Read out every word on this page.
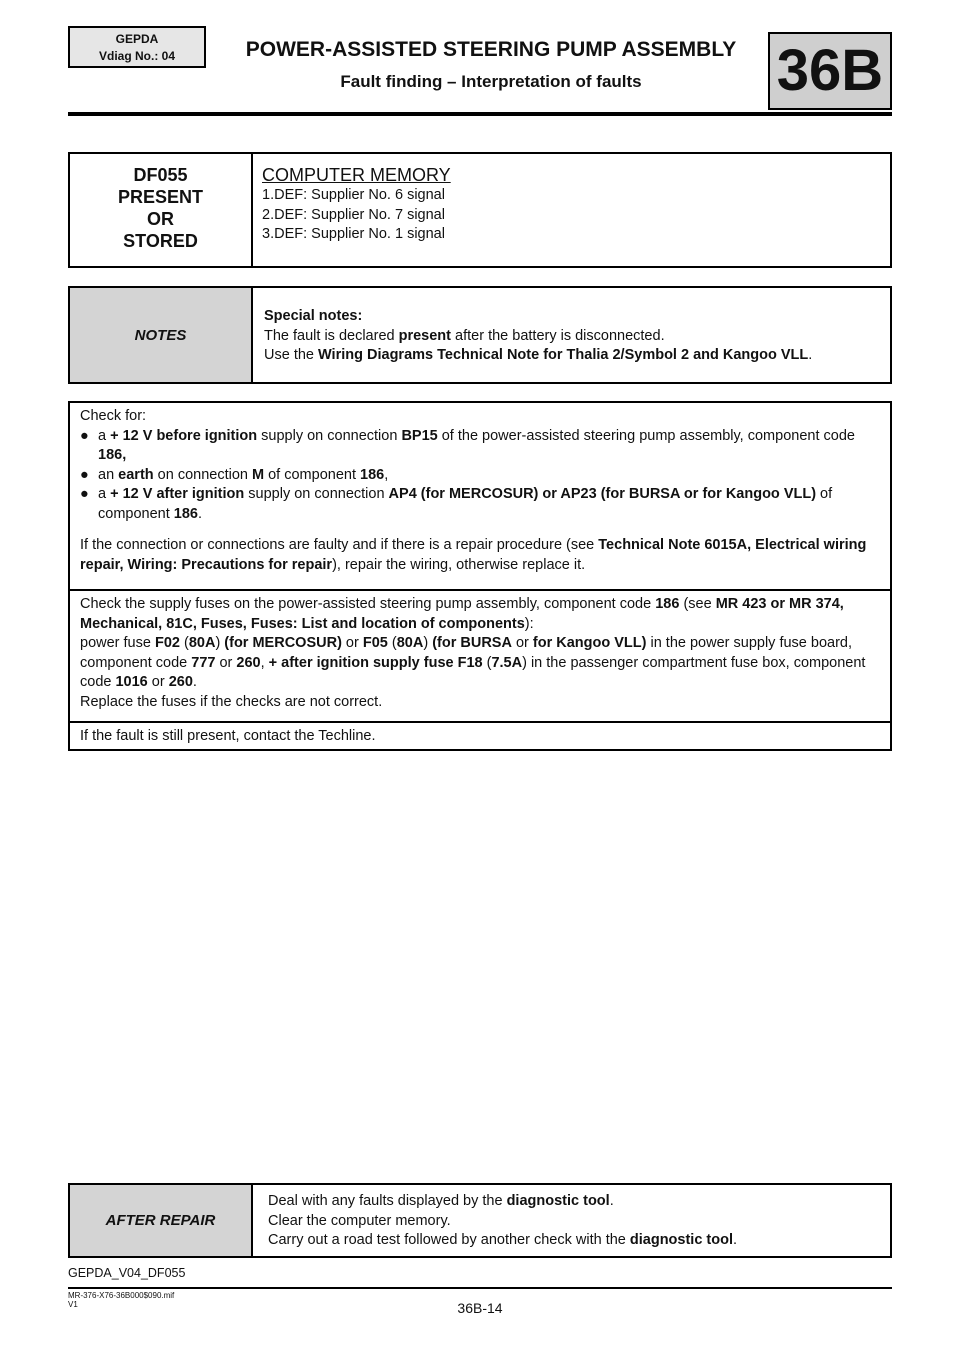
GEPDA
Vdiag No.: 04	POWER-ASSISTED STEERING PUMP ASSEMBLY
Fault finding – Interpretation of faults	36B
DF055
PRESENT
OR
STORED
COMPUTER MEMORY
1.DEF: Supplier No. 6 signal
2.DEF: Supplier No. 7 signal
3.DEF: Supplier No. 1 signal
NOTES
Special notes:
The fault is declared present after the battery is disconnected.
Use the Wiring Diagrams Technical Note for Thalia 2/Symbol 2 and Kangoo VLL.
Check for:
● a + 12 V before ignition supply on connection BP15 of the power-assisted steering pump assembly, component code 186,
● an earth on connection M of component 186,
● a + 12 V after ignition supply on connection AP4 (for MERCOSUR) or AP23 (for BURSA or for Kangoo VLL) of component 186.
If the connection or connections are faulty and if there is a repair procedure (see Technical Note 6015A, Electrical wiring repair, Wiring: Precautions for repair), repair the wiring, otherwise replace it.
Check the supply fuses on the power-assisted steering pump assembly, component code 186 (see MR 423 or MR 374, Mechanical, 81C, Fuses, Fuses: List and location of components):
power fuse F02 (80A) (for MERCOSUR) or F05 (80A) (for BURSA or for Kangoo VLL) in the power supply fuse board, component code 777 or 260, + after ignition supply fuse F18 (7.5A) in the passenger compartment fuse box, component code 1016 or 260.
Replace the fuses if the checks are not correct.
If the fault is still present, contact the Techline.
AFTER REPAIR
Deal with any faults displayed by the diagnostic tool.
Clear the computer memory.
Carry out a road test followed by another check with the diagnostic tool.
GEPDA_V04_DF055
MR-376-X76-36B000$090.mif
V1	36B-14
